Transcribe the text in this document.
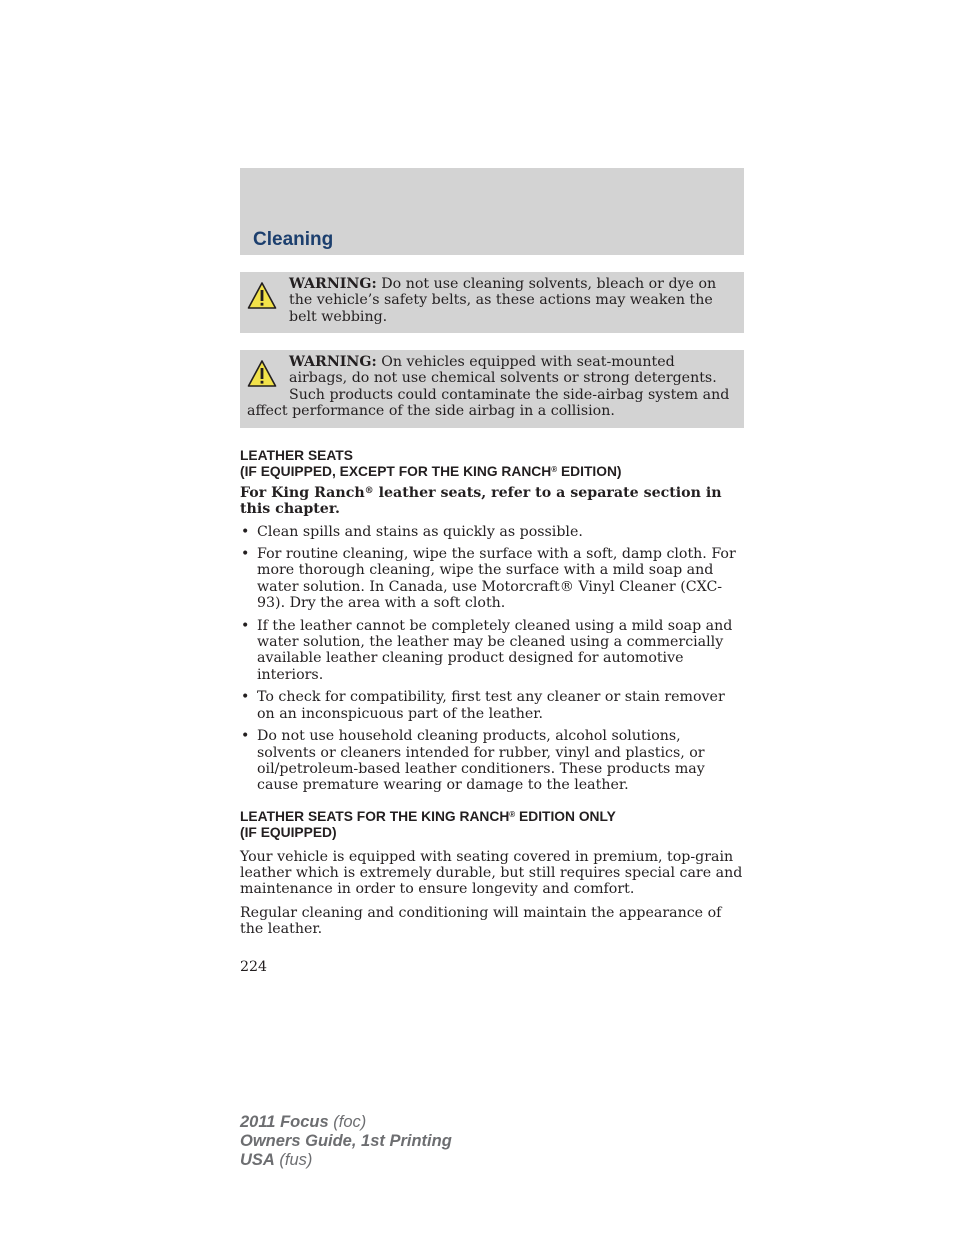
Cleaning
WARNING: Do not use cleaning solvents, bleach or dye on the vehicle’s safety belts, as these actions may weaken the belt webbing.
WARNING: On vehicles equipped with seat-mounted airbags, do not use chemical solvents or strong detergents. Such products could contaminate the side-airbag system and affect performance of the side airbag in a collision.
LEATHER SEATS
(IF EQUIPPED, EXCEPT FOR THE KING RANCH® EDITION)

For King Ranch® leather seats, refer to a separate section in this chapter.

• Clean spills and stains as quickly as possible.
• For routine cleaning, wipe the surface with a soft, damp cloth. For more thorough cleaning, wipe the surface with a mild soap and water solution. In Canada, use Motorcraft® Vinyl Cleaner (CXC-93). Dry the area with a soft cloth.
• If the leather cannot be completely cleaned using a mild soap and water solution, the leather may be cleaned using a commercially available leather cleaning product designed for automotive interiors.
• To check for compatibility, first test any cleaner or stain remover on an inconspicuous part of the leather.
• Do not use household cleaning products, alcohol solutions, solvents or cleaners intended for rubber, vinyl and plastics, or oil/petroleum-based leather conditioners. These products may cause premature wearing or damage to the leather.
LEATHER SEATS FOR THE KING RANCH® EDITION ONLY
(IF EQUIPPED)

Your vehicle is equipped with seating covered in premium, top-grain leather which is extremely durable, but still requires special care and maintenance in order to ensure longevity and comfort.

Regular cleaning and conditioning will maintain the appearance of the leather.

224
2011 Focus (foc)
Owners Guide, 1st Printing
USA (fus)
